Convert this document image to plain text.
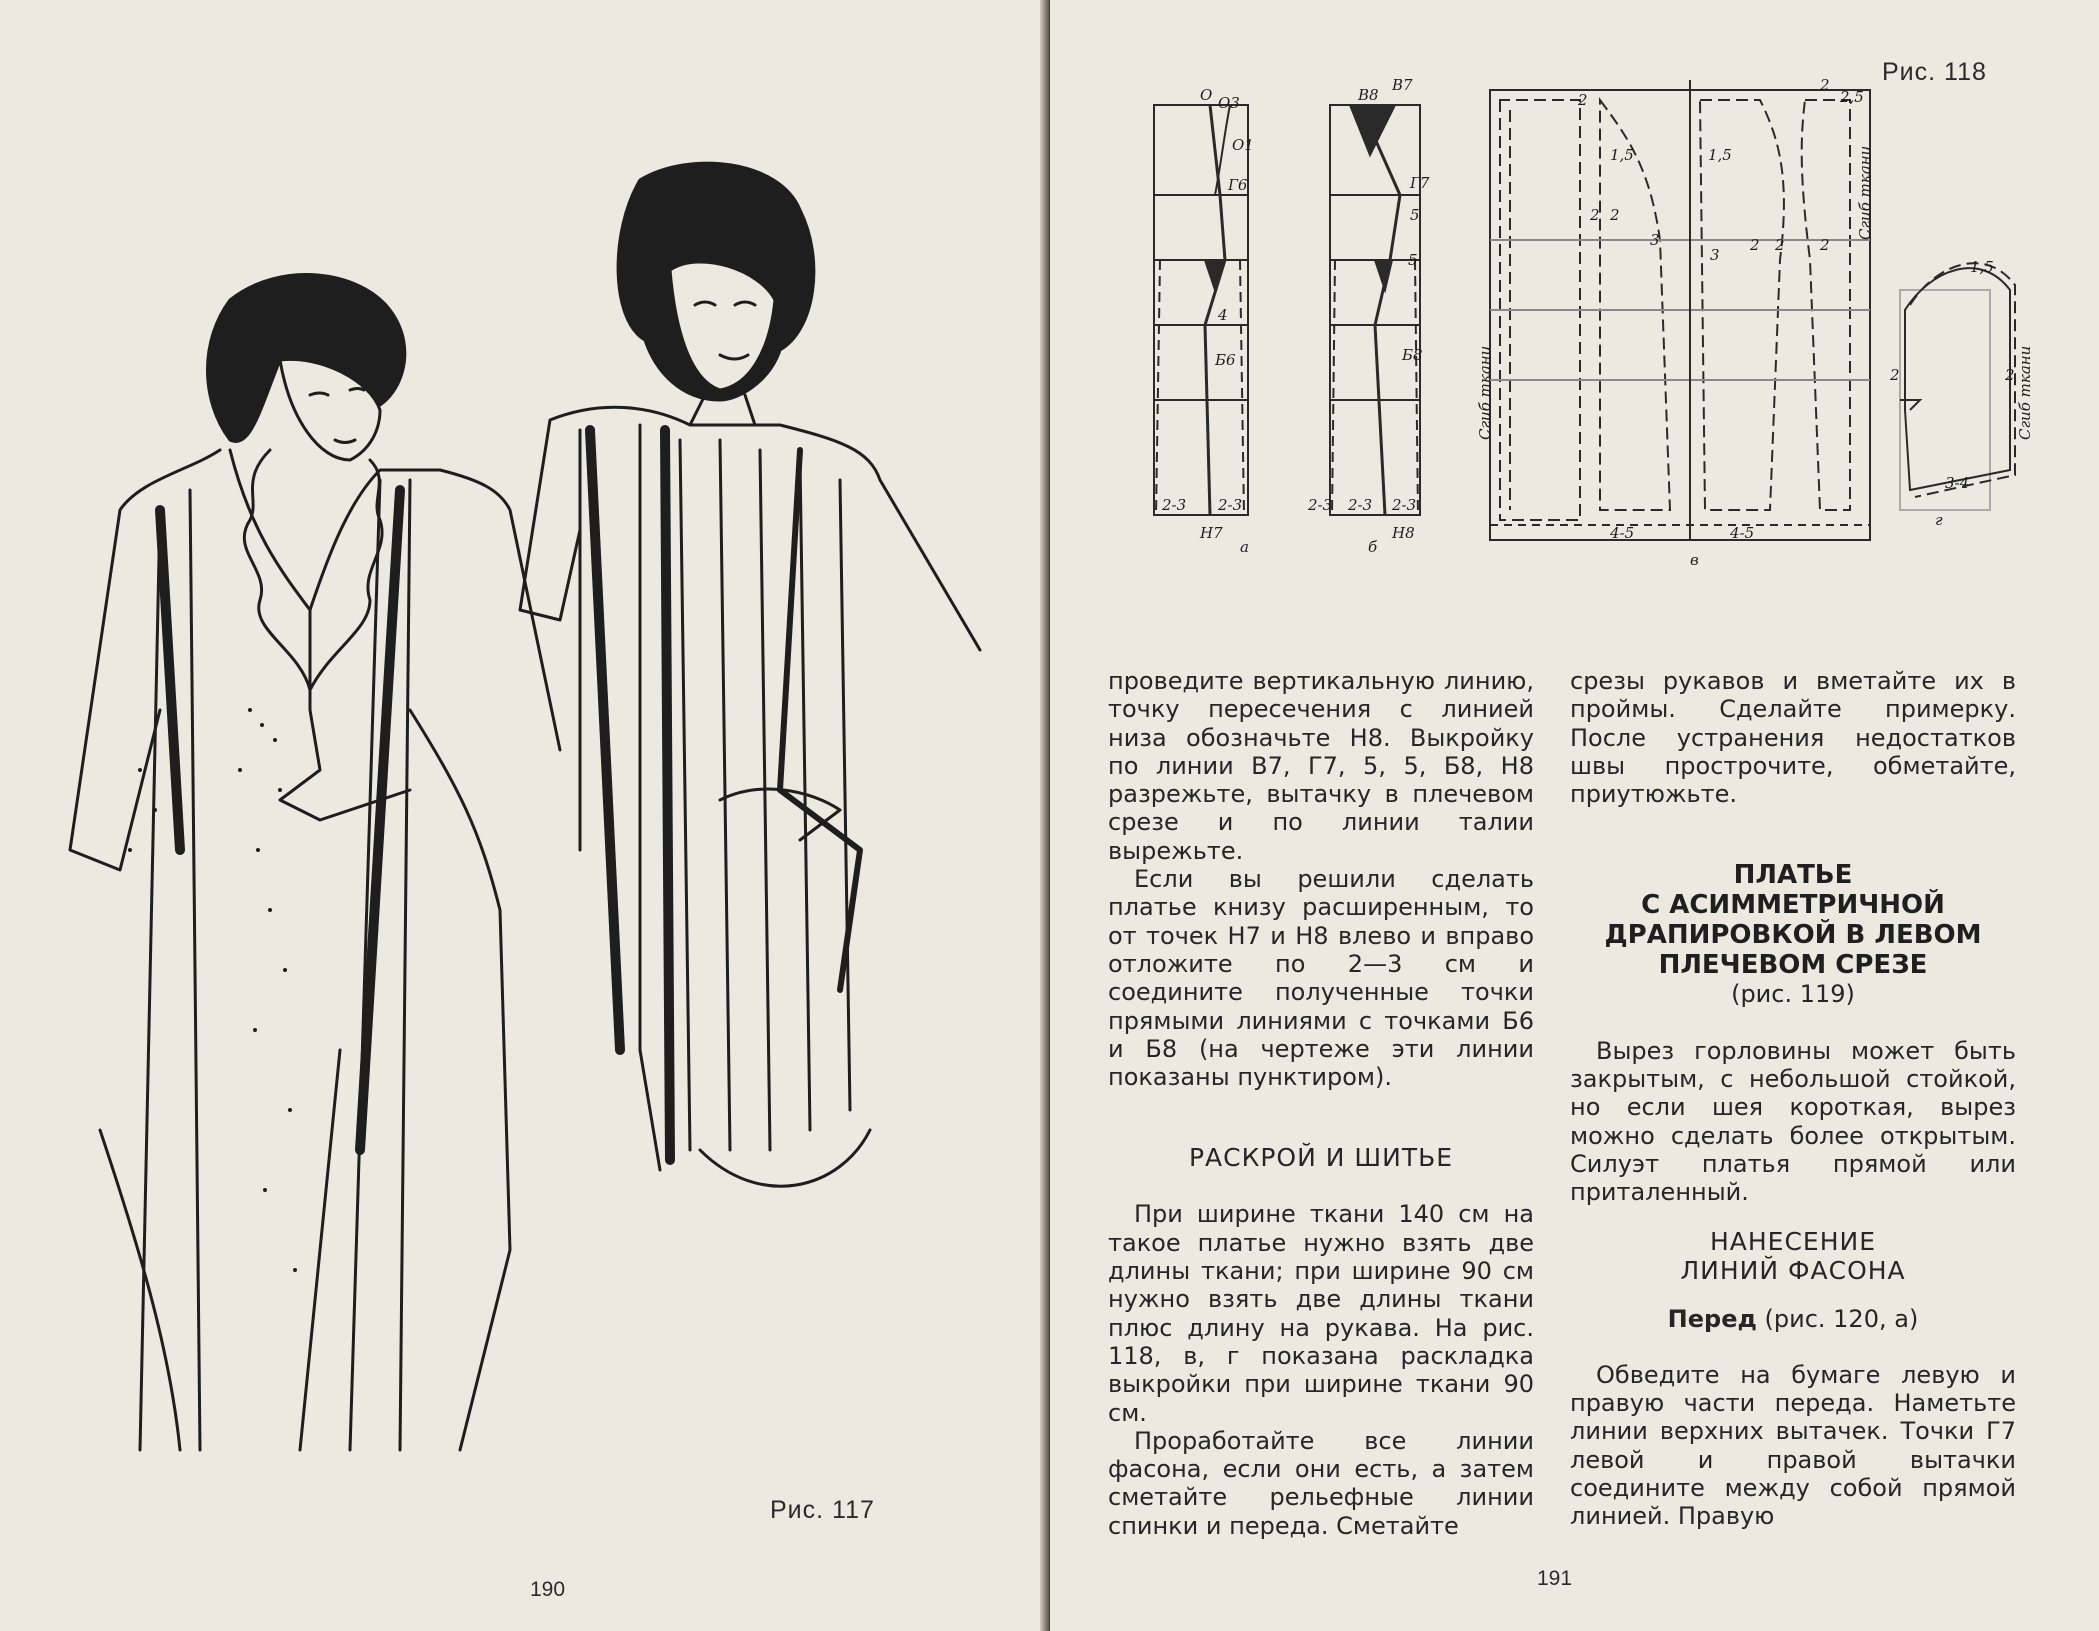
Рис. 117
190
Рис. 118
О О3
О1
Г6
4
Б6
Н7
а
2-3 2-3	2-3
В8
В7
Г7
5
5
Б8
Н8
б
2-3 2-3
2
1,5
2 2
3
1,5
2 2
3
2
2
2,5
4-5	4-5
в
1,5
2	2
3-4
г
Сгиб ткани
Сгиб ткани
Сгиб ткани

проведите вертикальную линию, точку пересечения с линией низа обозначьте Н8. Выкройку по линии В7, Г7, 5, 5, Б8, Н8 разрежьте, вытачку в плечевом срезе и по линии талии вырежьте.

Если вы решили сделать платье книзу расширенным, то от точек Н7 и Н8 влево и вправо отложите по 2—3 см и соедините полученные точки прямыми линиями с точками Б6 и Б8 (на чертеже эти линии показаны пунктиром).

РАСКРОЙ И ШИТЬЕ

При ширине ткани 140 см на такое платье нужно взять две длины ткани; при ширине 90 см нужно взять две длины ткани плюс длину на рукава. На рис. 118, в, г показана раскладка выкройки при ширине ткани 90 см.

Проработайте все линии фасона, если они есть, а затем сметайте рельефные линии спинки и переда. Сметайте

срезы рукавов и вметайте их в проймы. Сделайте примерку. После устранения недостатков швы прострочите, обметайте, приутюжьте.

ПЛАТЬЕ
С АСИММЕТРИЧНОЙ
ДРАПИРОВКОЙ В ЛЕВОМ
ПЛЕЧЕВОМ СРЕЗЕ
(рис. 119)

Вырез горловины может быть закрытым, с небольшой стойкой, но если шея короткая, вырез можно сделать более открытым. Силуэт платья прямой или приталенный.

НАНЕСЕНИЕ
ЛИНИЙ ФАСОНА
Перед (рис. 120, а)

Обведите на бумаге левую и правую части переда. Наметьте линии верхних вытачек. Точки Г7 левой и правой вытачки соедините между собой прямой линией. Правую

191
